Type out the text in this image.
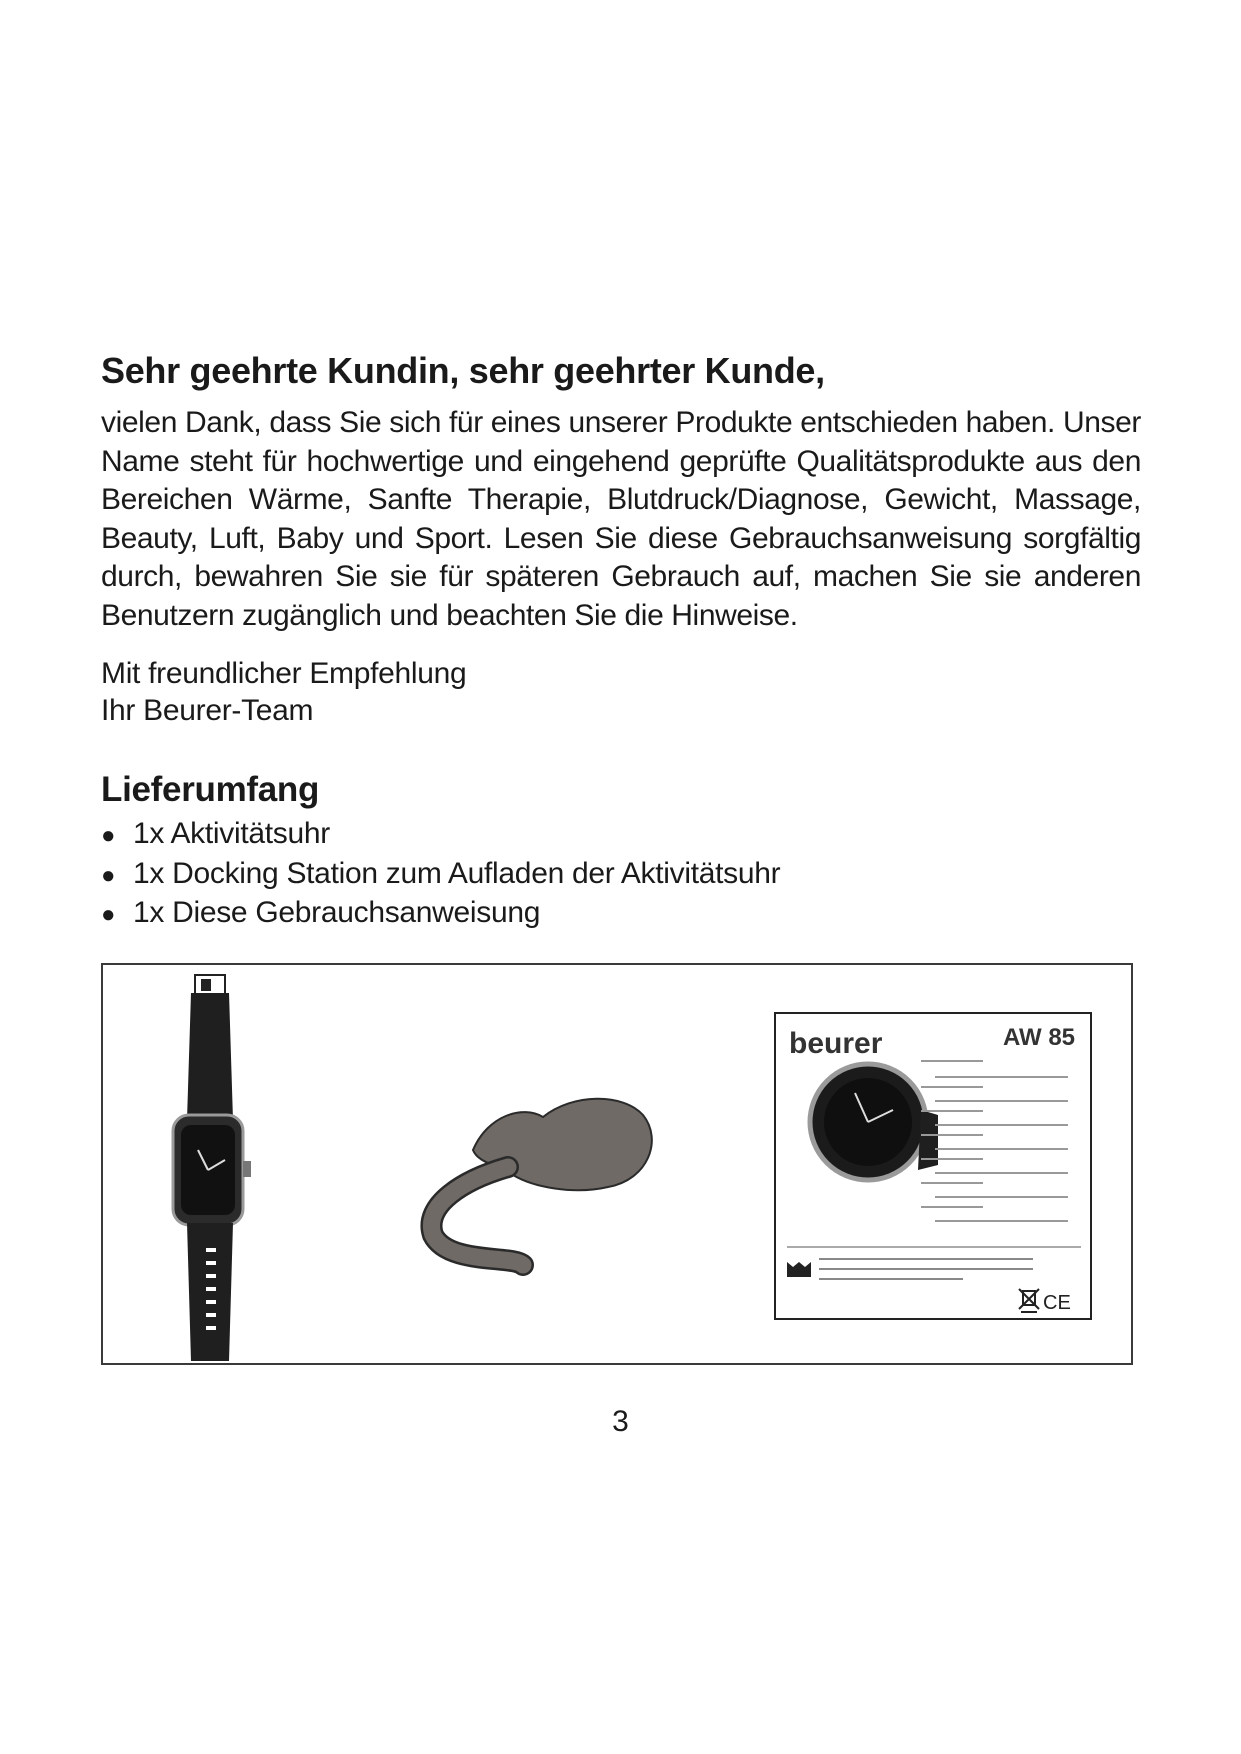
Sehr geehrte Kundin, sehr geehrter Kunde,

vielen Dank, dass Sie sich für eines unserer Produkte entschieden haben. Unser Name steht für hochwertige und eingehend geprüfte Qualitätsprodukte aus den Bereichen Wärme, Sanfte Therapie, Blutdruck/Diagnose, Gewicht, Massage, Beauty, Luft, Baby und Sport. Lesen Sie diese Gebrauchsanweisung sorgfältig durch, bewahren Sie sie für späteren Gebrauch auf, machen Sie sie anderen Benutzern zugänglich und beachten Sie die Hinweise.

Mit freundlicher Empfehlung
Ihr Beurer-Team

Lieferumfang
● 1x Aktivitätsuhr
● 1x Docking Station zum Aufladen der Aktivitätsuhr
● 1x Diese Gebrauchsanweisung
beurer	AW 85
CE
3
